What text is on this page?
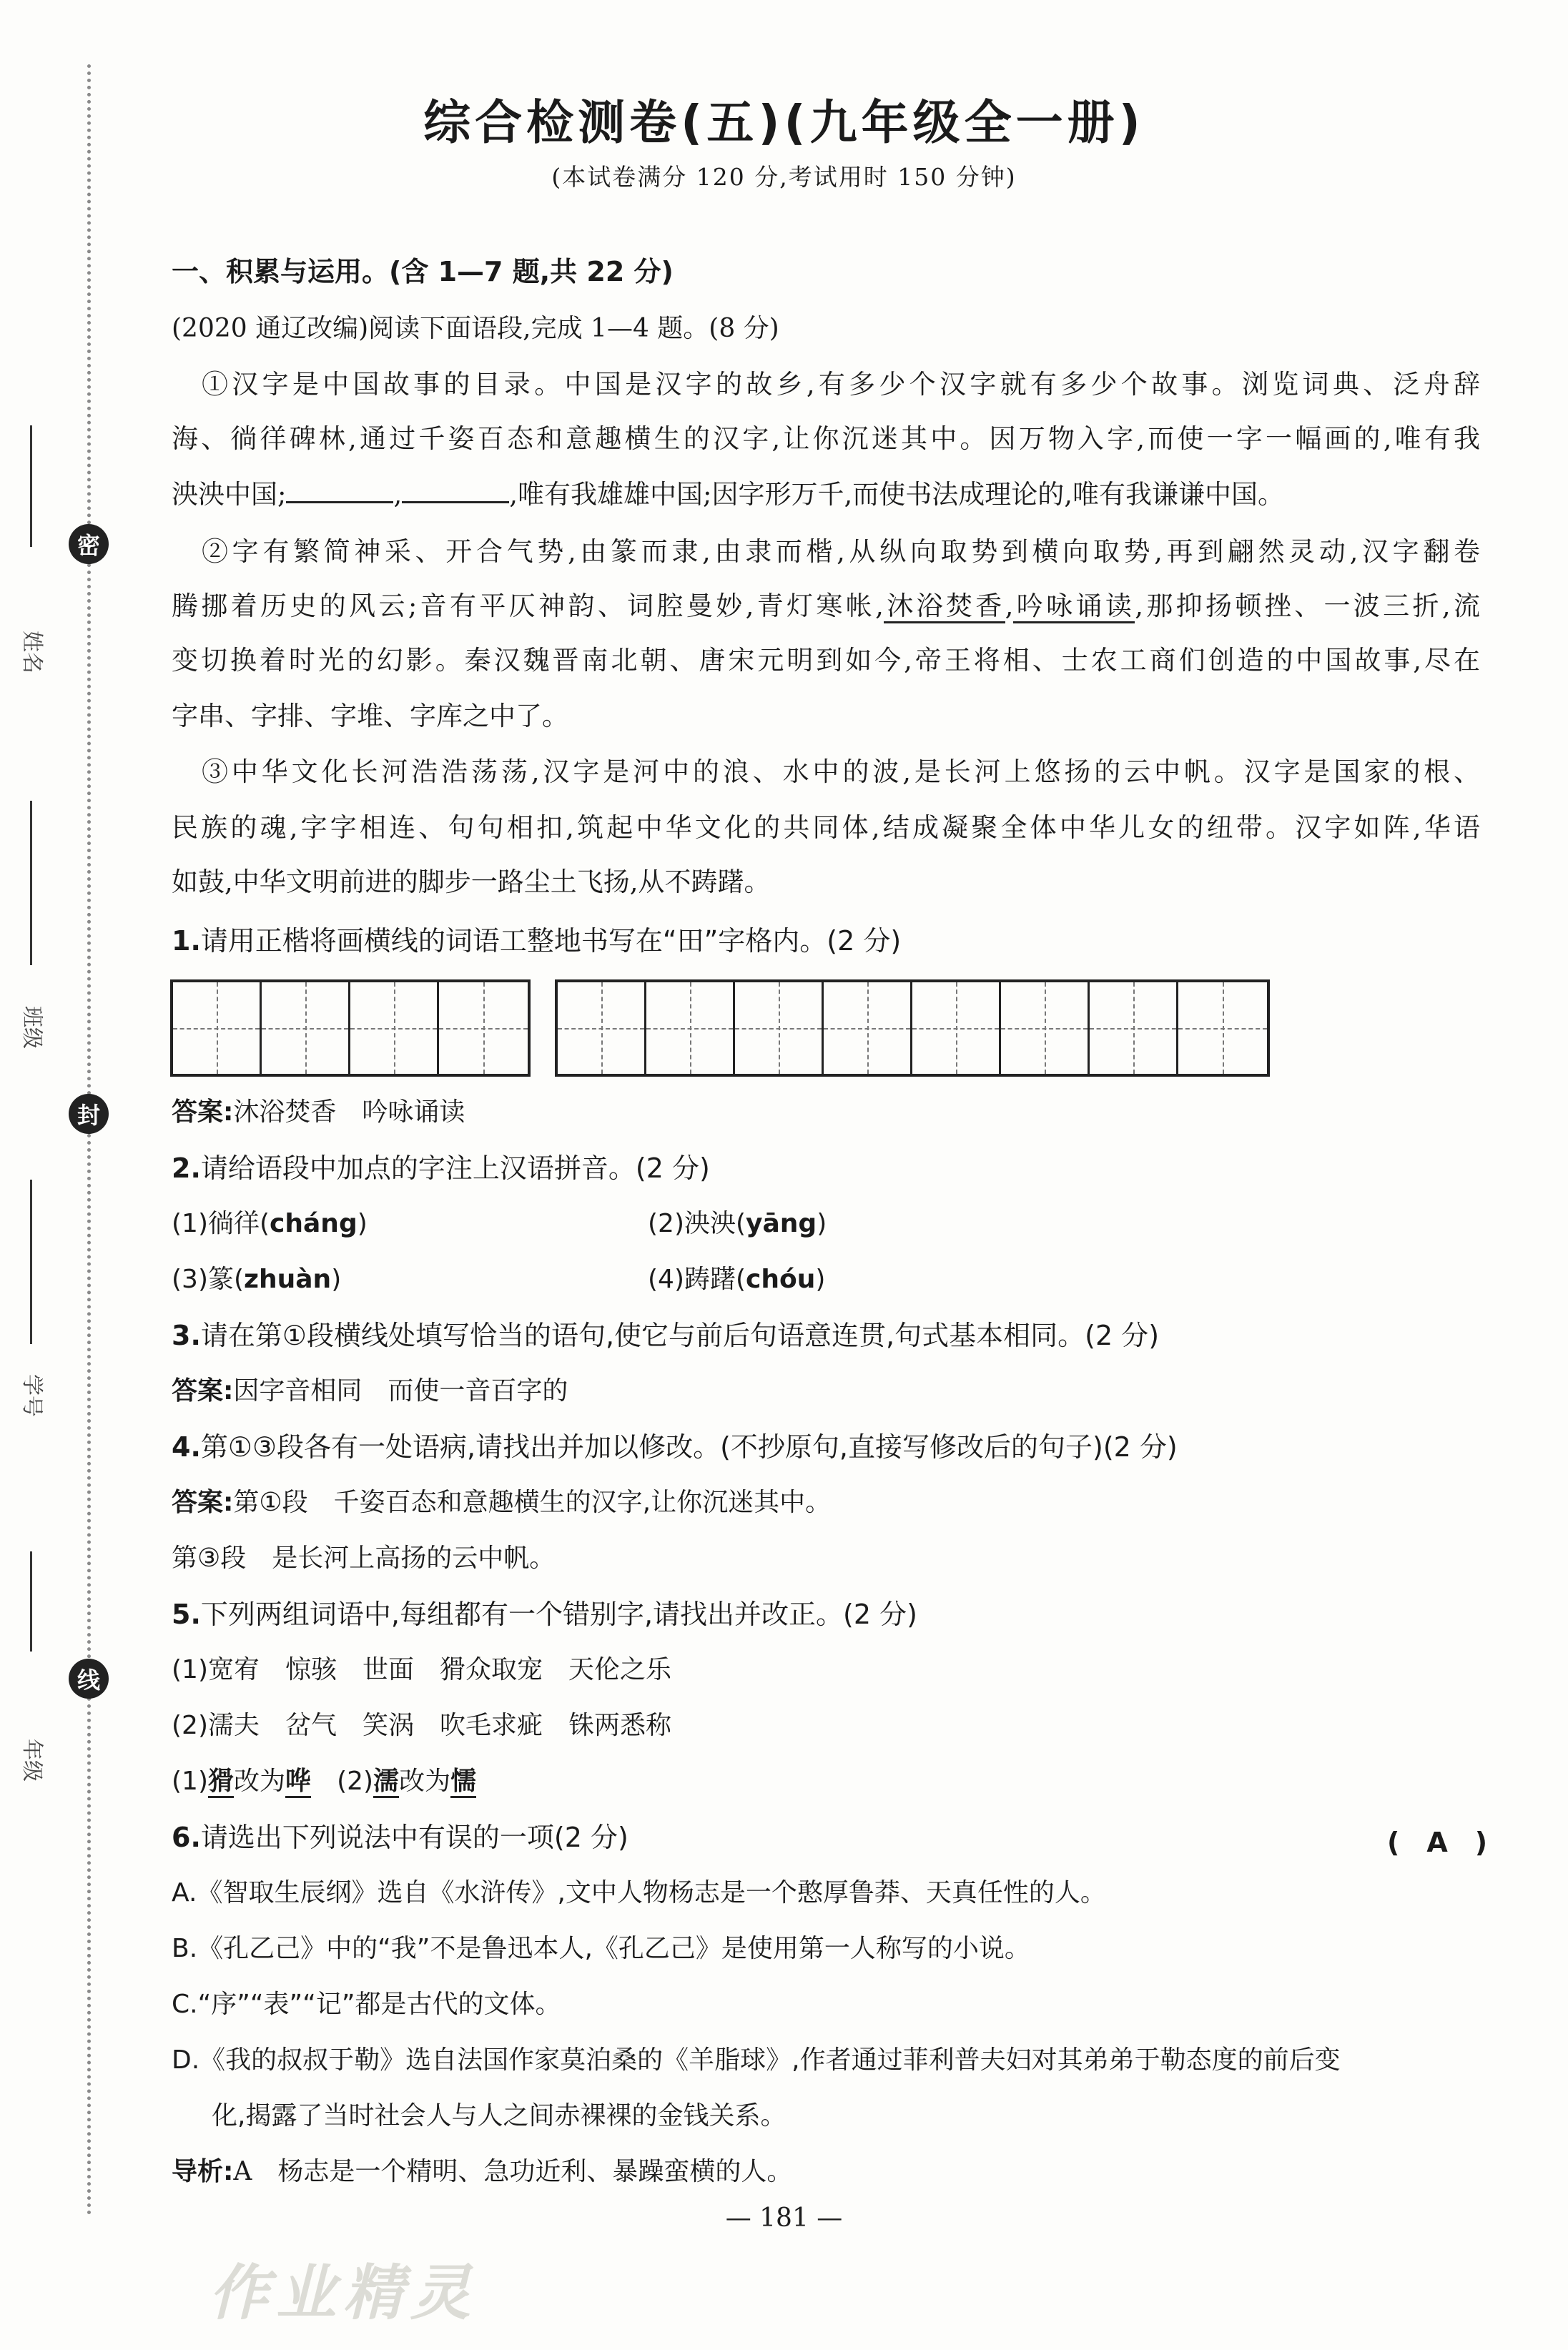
密
姓名
班级
封
学号
线
年级
综合检测卷(五)(九年级全一册)
(本试卷满分 120 分,考试用时 150 分钟)
一、积累与运用。(含 1—7 题,共 22 分)
(2020 通辽改编)阅读下面语段,完成 1—4 题。(8 分)
①汉字是中国故事的目录。中国是汉字的故乡,有多少个汉字就有多少个故事。浏览词典、泛舟辞
海、徜徉碑林,通过千姿百态和意趣横生的汉字,让你沉迷其中。因万物入字,而使一字一幅画的,唯有我
泱泱中国;	,	,唯有我雄雄中国;因字形万千,而使书法成理论的,唯有我谦谦中国。
②字有繁简神采、开合气势,由篆而隶,由隶而楷,从纵向取势到横向取势,再到翩然灵动,汉字翻卷
腾挪着历史的风云;音有平仄神韵、词腔曼妙,青灯寒帐,沐浴焚香,吟咏诵读,那抑扬顿挫、一波三折,流
变切换着时光的幻影。秦汉魏晋南北朝、唐宋元明到如今,帝王将相、士农工商们创造的中国故事,尽在
字串、字排、字堆、字库之中了。
③中华文化长河浩浩荡荡,汉字是河中的浪、水中的波,是长河上悠扬的云中帆。汉字是国家的根、
民族的魂,字字相连、句句相扣,筑起中华文化的共同体,结成凝聚全体中华儿女的纽带。汉字如阵,华语
如鼓,中华文明前进的脚步一路尘土飞扬,从不踌躇。
1.请用正楷将画横线的词语工整地书写在“田”字格内。(2 分)
答案:沐浴焚香　吟咏诵读
2.请给语段中加点的字注上汉语拼音。(2 分)
(1)徜徉(cháng)	(2)泱泱(yāng)
(3)篆(zhuàn)	(4)踌躇(chóu)
3.请在第①段横线处填写恰当的语句,使它与前后句语意连贯,句式基本相同。(2 分)
答案:因字音相同　而使一音百字的
4.第①③段各有一处语病,请找出并加以修改。(不抄原句,直接写修改后的句子)(2 分)
答案:第①段　千姿百态和意趣横生的汉字,让你沉迷其中。
第③段　是长河上高扬的云中帆。
5.下列两组词语中,每组都有一个错别字,请找出并改正。(2 分)
(1)宽宥　惊骇　世面　猾众取宠　天伦之乐
(2)濡夫　岔气　笑涡　吹毛求疵　铢两悉称
(1)猾改为哗　 (2)濡改为懦
6.请选出下列说法中有误的一项(2 分)	(　A　)
A.《智取生辰纲》选自《水浒传》,文中人物杨志是一个憨厚鲁莽、天真任性的人。
B.《孔乙己》中的“我”不是鲁迅本人,《孔乙己》是使用第一人称写的小说。
C.“序”“表”“记”都是古代的文体。
D.《我的叔叔于勒》选自法国作家莫泊桑的《羊脂球》,作者通过菲利普夫妇对其弟弟于勒态度的前后变
化,揭露了当时社会人与人之间赤裸裸的金钱关系。
导析:A　杨志是一个精明、急功近利、暴躁蛮横的人。
— 181 —
作业精灵
